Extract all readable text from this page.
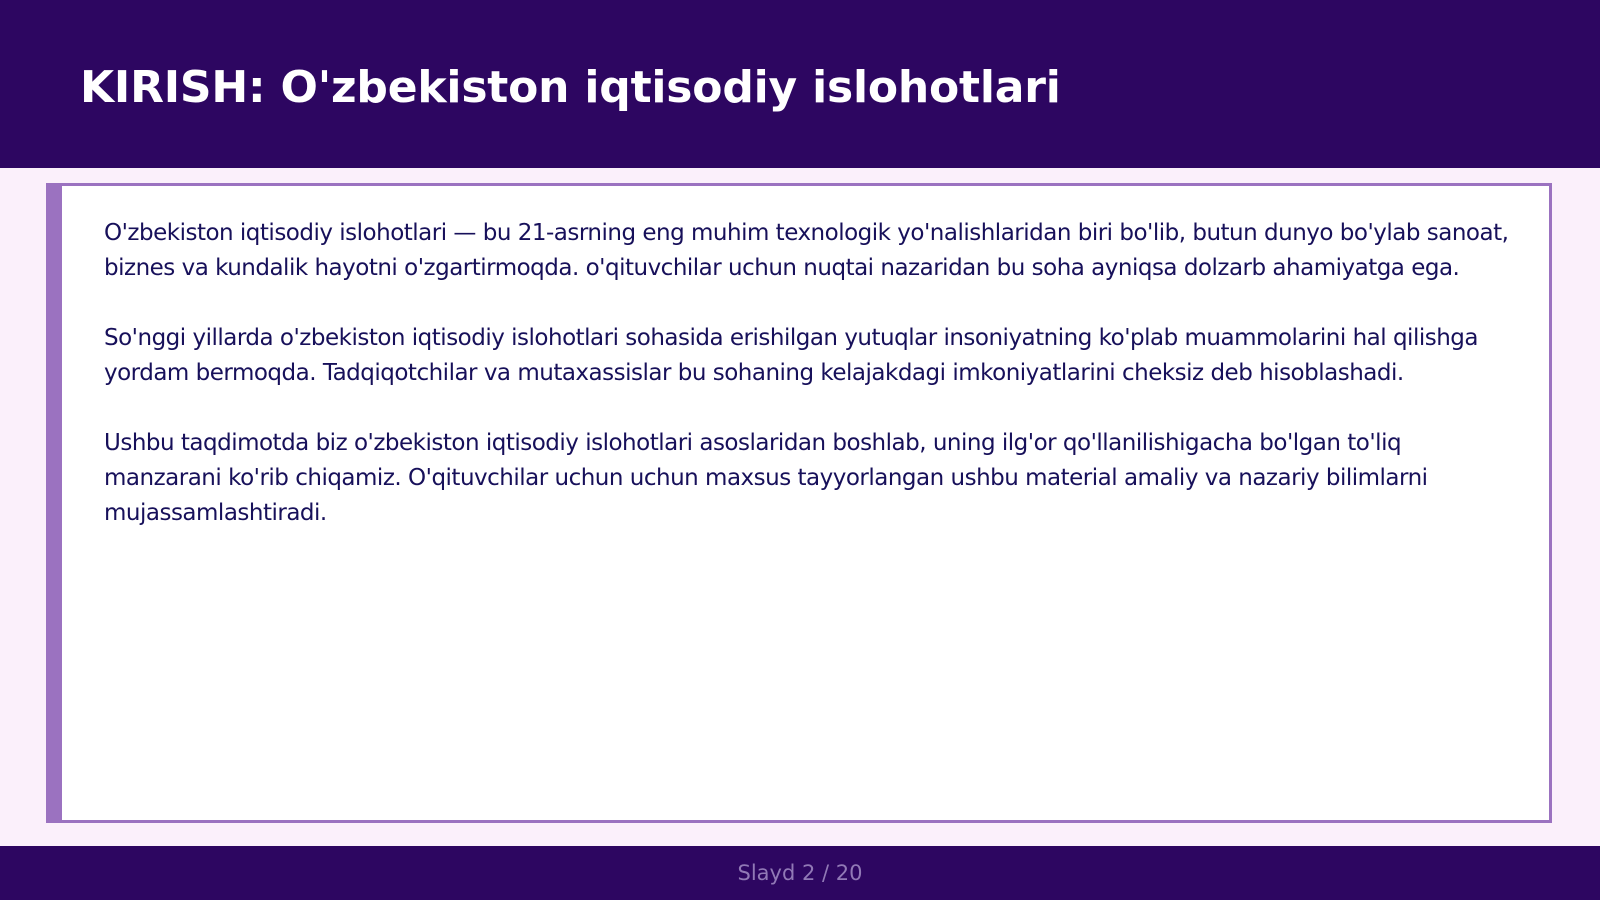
KIRISH: O'zbekiston iqtisodiy islohotlari

O'zbekiston iqtisodiy islohotlari — bu 21-asrning eng muhim texnologik yo'nalishlaridan biri bo'lib, butun dunyo bo'ylab sanoat, biznes va kundalik hayotni o'zgartirmoqda. o'qituvchilar uchun nuqtai nazaridan bu soha ayniqsa dolzarb ahamiyatga ega.

So'nggi yillarda o'zbekiston iqtisodiy islohotlari sohasida erishilgan yutuqlar insoniyatning ko'plab muammolarini hal qilishga yordam bermoqda. Tadqiqotchilar va mutaxassislar bu sohaning kelajakdagi imkoniyatlarini cheksiz deb hisoblashadi.

Ushbu taqdimotda biz o'zbekiston iqtisodiy islohotlari asoslaridan boshlab, uning ilg'or qo'llanilishigacha bo'lgan to'liq manzarani ko'rib chiqamiz. O'qituvchilar uchun uchun maxsus tayyorlangan ushbu material amaliy va nazariy bilimlarni mujassamlashtiradi.

Slayd 2 / 20
